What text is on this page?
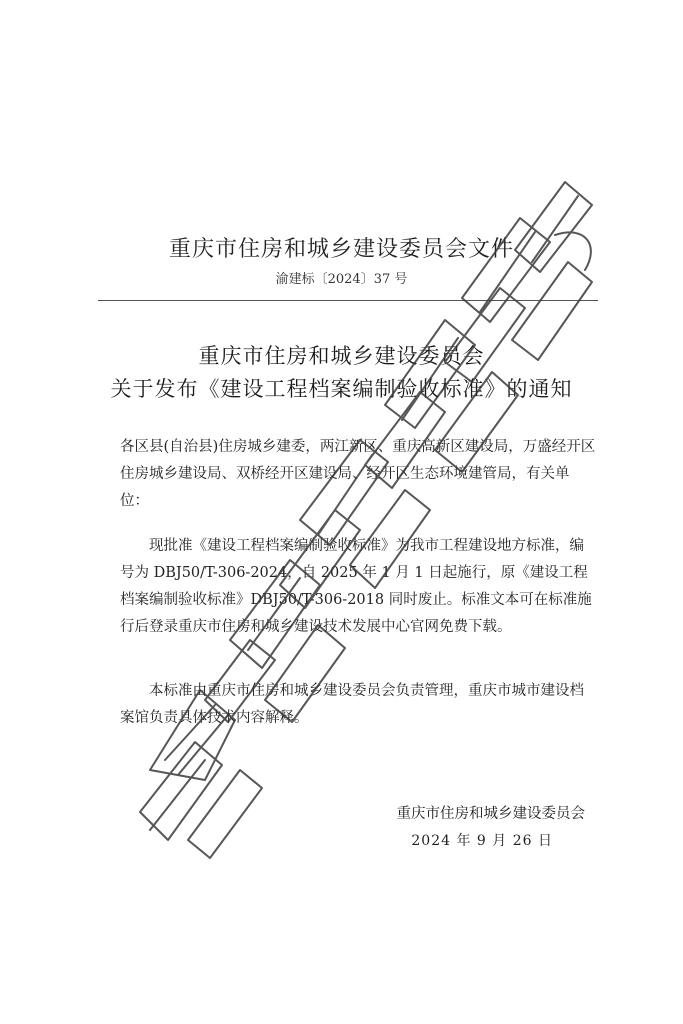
重庆市住房和城乡建设委员会文件
渝建标〔2024〕37 号
重庆市住房和城乡建设委员会
关于发布《建设工程档案编制验收标准》的通知
各区县(自治县)住房城乡建委，两江新区、重庆高新区建设局，万盛经开区住房城乡建设局、双桥经开区建设局、经开区生态环境建管局，有关单位：
现批准《建设工程档案编制验收标准》为我市工程建设地方标准，编号为 DBJ50/T-306-2024，自 2025 年 1 月 1 日起施行，原《建设工程档案编制验收标准》DBJ50/T-306-2018 同时废止。标准文本可在标准施行后登录重庆市住房和城乡建设技术发展中心官网免费下载。
本标准由重庆市住房和城乡建设委员会负责管理，重庆市城市建设档案馆负责具体技术内容解释。
重庆市住房和城乡建设委员会
2024 年 9 月 26 日
